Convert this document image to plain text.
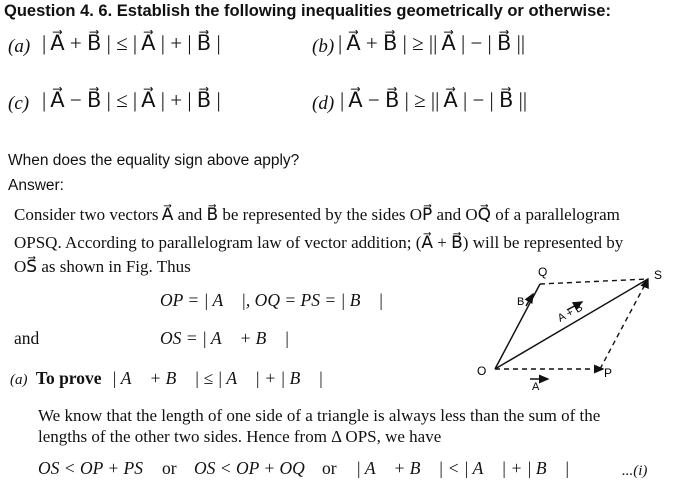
Question 4. 6. Establish the following inequalities geometrically or otherwise:
(a) | A⃗ + B⃗ | ≤ | A⃗ | + | B⃗ |	(b) | A⃗ + B⃗ | ≥ || A⃗ | − | B⃗ ||
(c) | A⃗ − B⃗ | ≤ | A⃗ | + | B⃗ |	(d) | A⃗ − B⃗ | ≥ || A⃗ | − | B⃗ ||
When does the equality sign above apply?
Answer:
Consider two vectors A⃗ and B⃗ be represented by the sides OP⃗ and OQ⃗ of a parallelogram
OPSQ. According to parallelogram law of vector addition; (A⃗ + B⃗) will be represented by
OS⃗ as shown in Fig. Thus
OP = | A⃗ |, OQ = PS = | B⃗ |
and	OS = | A⃗ + B⃗ |
(a) To prove | A⃗ + B⃗ | ≤ | A⃗ | + | B⃗ |
We know that the length of one side of a triangle is always less than the sum of the
lengths of the other two sides. Hence from Δ OPS, we have
OS < OP + PS or OS < OP + OQ or | A⃗ + B⃗ | < | A⃗ | + | B⃗ |	...(i)
O	P
Q	S
A
B	A + B
